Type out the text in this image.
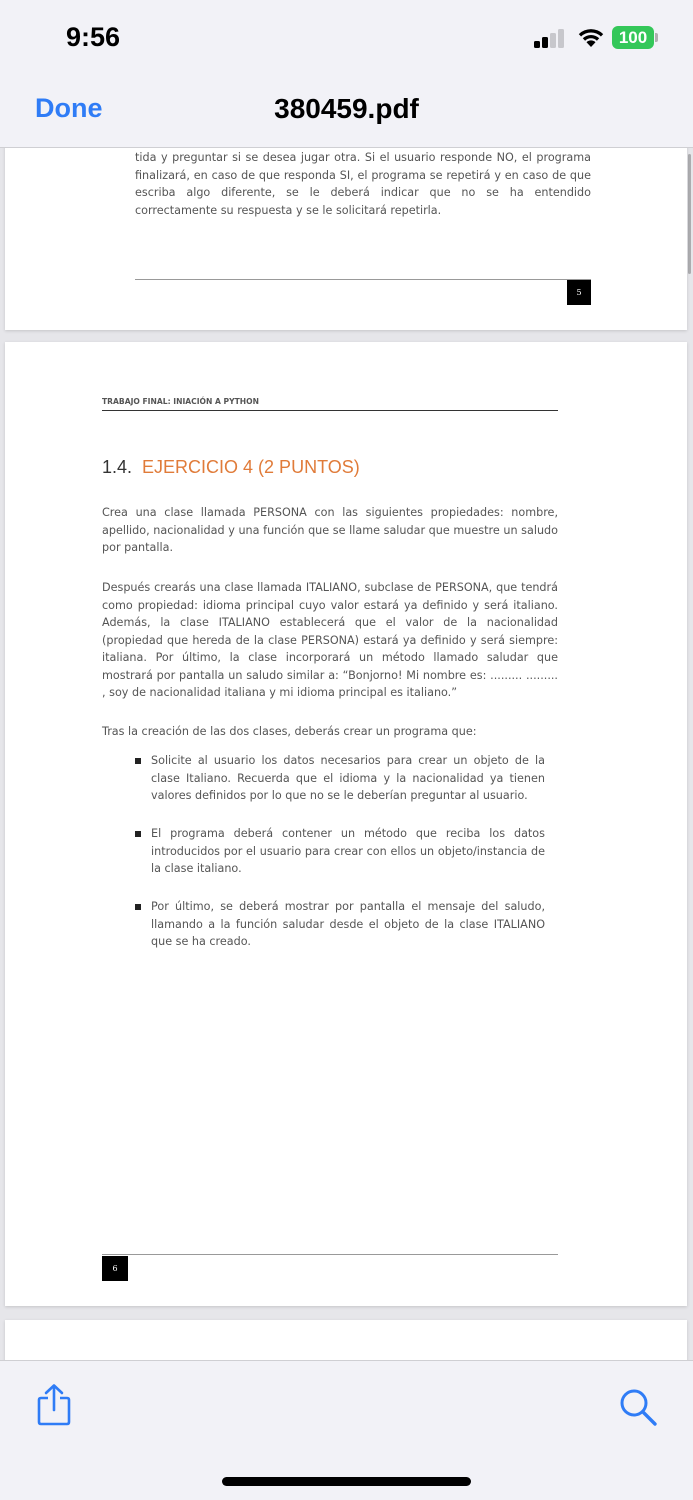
9:56	100
380459.pdf
Done
tida y preguntar si se desea jugar otra. Si el usuario responde NO, el programa finalizará, en caso de que responda SI, el programa se repetirá y en caso de que escriba algo diferente, se le deberá indicar que no se ha entendido correctamente su respuesta y se le solicitará repetirla.
5
TRABAJO FINAL: INIACIÓN A PYTHON
1.4. EJERCICIO 4 (2 PUNTOS)
Crea una clase llamada PERSONA con las siguientes propiedades: nombre, apellido, nacionalidad y una función que se llame saludar que muestre un saludo por pantalla.
Después crearás una clase llamada ITALIANO, subclase de PERSONA, que tendrá como propiedad: idioma principal cuyo valor estará ya definido y será italiano. Además, la clase ITALIANO establecerá que el valor de la nacionalidad (propiedad que hereda de la clase PERSONA) estará ya definido y será siempre: italiana. Por último, la clase incorporará un método llamado saludar que mostrará por pantalla un saludo similar a: “Bonjorno! Mi nombre es: ......... ......... , soy de nacionalidad italiana y mi idioma principal es italiano.”
Tras la creación de las dos clases, deberás crear un programa que:
Solicite al usuario los datos necesarios para crear un objeto de la clase Italiano. Recuerda que el idioma y la nacionalidad ya tienen valores definidos por lo que no se le deberían preguntar al usuario.
El programa deberá contener un método que reciba los datos introducidos por el usuario para crear con ellos un objeto/instancia de la clase italiano.
Por último, se deberá mostrar por pantalla el mensaje del saludo, llamando a la función saludar desde el objeto de la clase ITALIANO que se ha creado.
6
